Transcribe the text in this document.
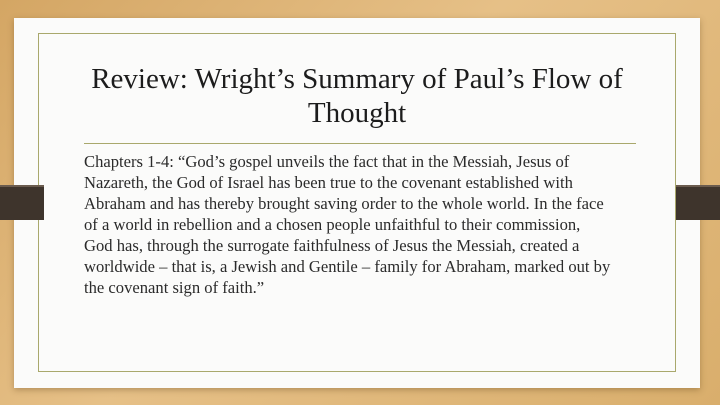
Review: Wright’s Summary of Paul’s Flow of
Thought

Chapters 1-4: “God’s gospel unveils the fact that in the Messiah, Jesus of
Nazareth, the God of Israel has been true to the covenant established with
Abraham and has thereby brought saving order to the whole world. In the face
of a world in rebellion and a chosen people unfaithful to their commission,
God has, through the surrogate faithfulness of Jesus the Messiah, created a
worldwide – that is, a Jewish and Gentile – family for Abraham, marked out by
the covenant sign of faith.”
